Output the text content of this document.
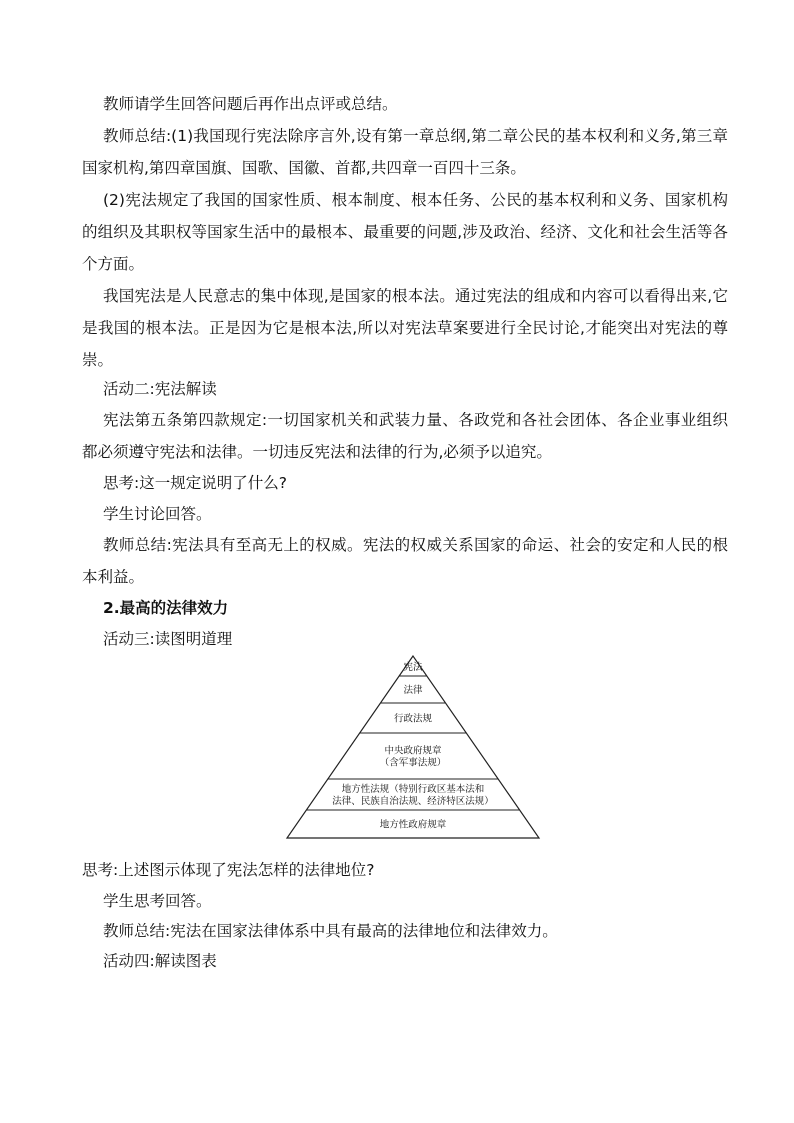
教师请学生回答问题后再作出点评或总结。

教师总结:(1)我国现行宪法除序言外,设有第一章总纲,第二章公民的基本权利和义务,第三章国家机构,第四章国旗、国歌、国徽、首都,共四章一百四十三条。

(2)宪法规定了我国的国家性质、根本制度、根本任务、公民的基本权利和义务、国家机构的组织及其职权等国家生活中的最根本、最重要的问题,涉及政治、经济、文化和社会生活等各个方面。

我国宪法是人民意志的集中体现,是国家的根本法。通过宪法的组成和内容可以看得出来,它是我国的根本法。正是因为它是根本法,所以对宪法草案要进行全民讨论,才能突出对宪法的尊崇。

活动二:宪法解读

宪法第五条第四款规定:一切国家机关和武装力量、各政党和各社会团体、各企业事业组织都必须遵守宪法和法律。一切违反宪法和法律的行为,必须予以追究。

思考:这一规定说明了什么?

学生讨论回答。

教师总结:宪法具有至高无上的权威。宪法的权威关系国家的命运、社会的安定和人民的根本利益。

2.最高的法律效力

活动三:读图明道理

宪法
法律
行政法规
中央政府规章
（含军事法规）
地方性法规（特别行政区基本法和
法律、民族自治法规、经济特区法规）
地方性政府规章

思考:上述图示体现了宪法怎样的法律地位?

学生思考回答。

教师总结:宪法在国家法律体系中具有最高的法律地位和法律效力。

活动四:解读图表
